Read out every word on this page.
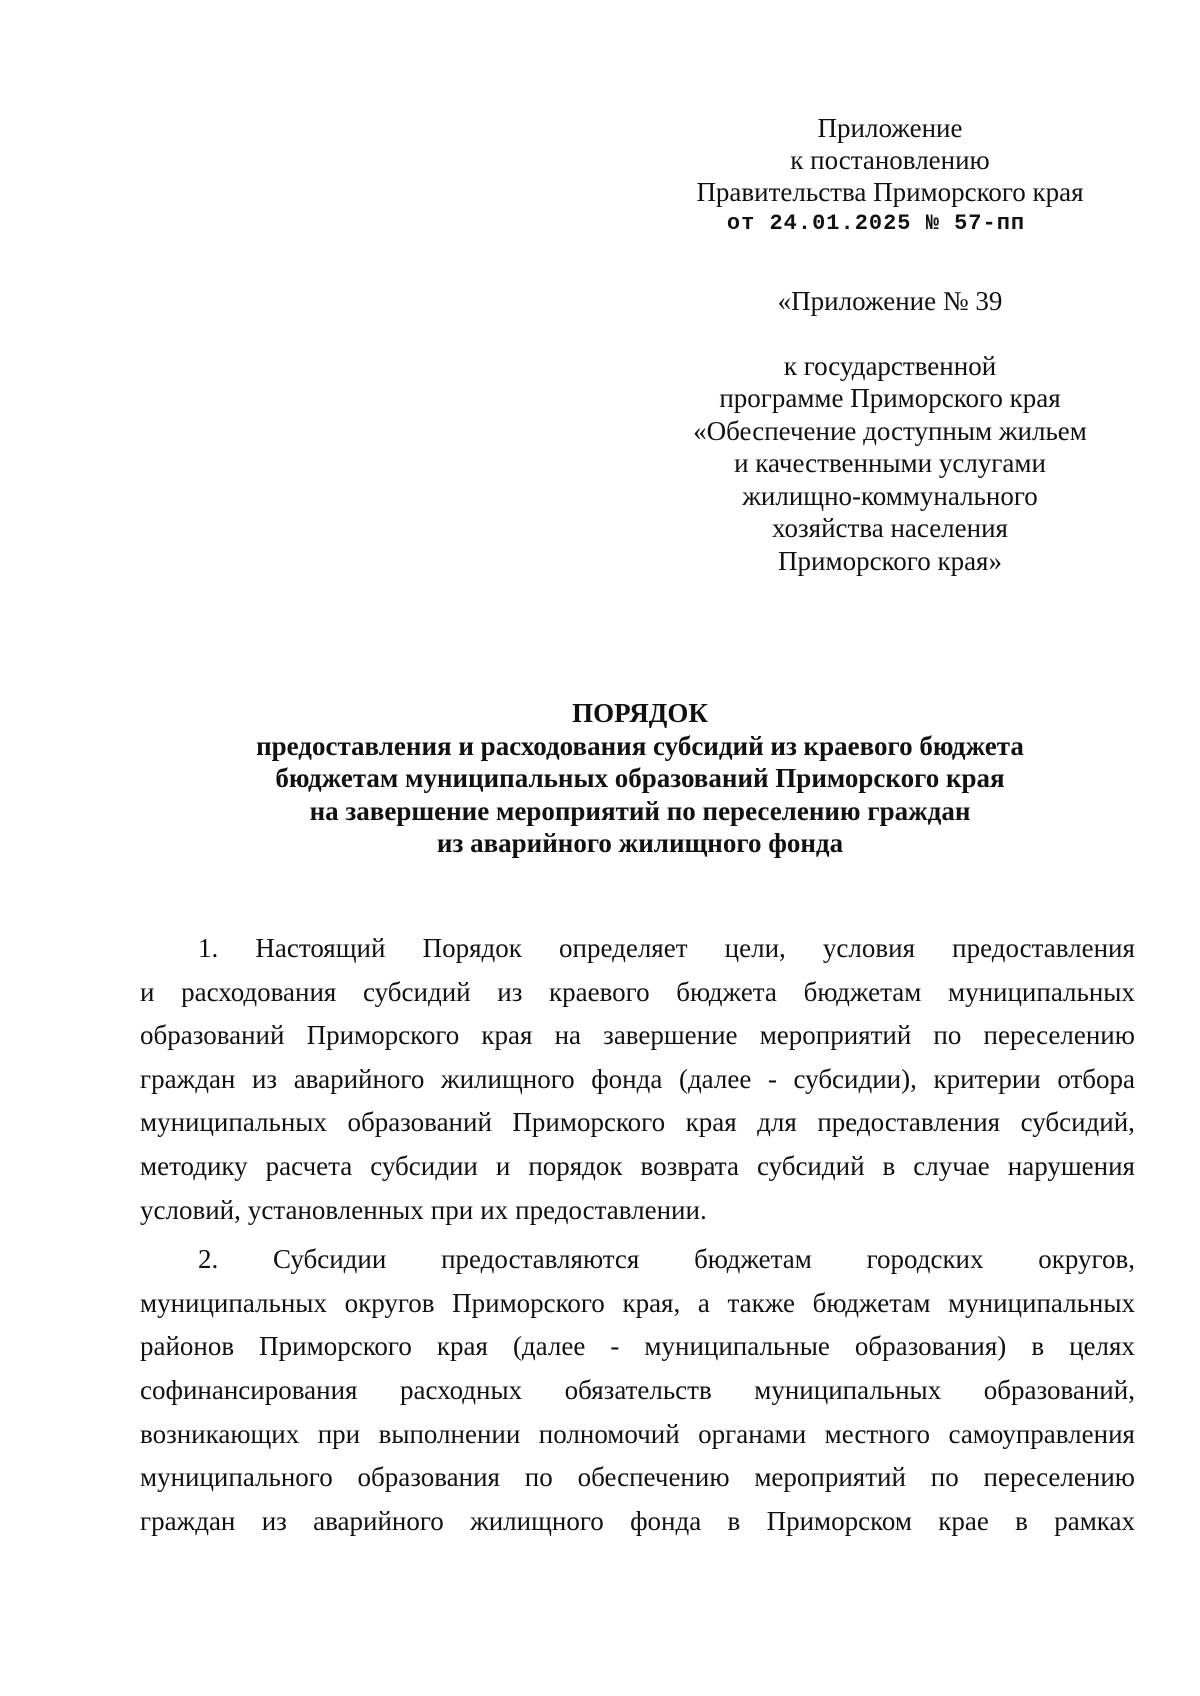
Приложение
к постановлению
Правительства Приморского края
от 24.01.2025 № 57-пп
«Приложение № 39
к государственной
программе Приморского края
«Обеспечение доступным жильем
и качественными услугами
жилищно-коммунального
хозяйства населения
Приморского края»
ПОРЯДОК
предоставления и расходования субсидий из краевого бюджета
бюджетам муниципальных образований Приморского края
на завершение мероприятий по переселению граждан
из аварийного жилищного фонда
1. Настоящий Порядок определяет цели, условия предоставления
и расходования субсидий из краевого бюджета бюджетам муниципальных
образований Приморского края на завершение мероприятий по переселению
граждан из аварийного жилищного фонда (далее - субсидии), критерии отбора
муниципальных образований Приморского края для предоставления субсидий,
методику расчета субсидии и порядок возврата субсидий в случае нарушения
условий, установленных при их предоставлении.
2. Субсидии предоставляются бюджетам городских округов,
муниципальных округов Приморского края, а также бюджетам муниципальных
районов Приморского края (далее - муниципальные образования) в целях
софинансирования расходных обязательств муниципальных образований,
возникающих при выполнении полномочий органами местного самоуправления
муниципального образования по обеспечению мероприятий по переселению
граждан из аварийного жилищного фонда в Приморском крае в рамках
